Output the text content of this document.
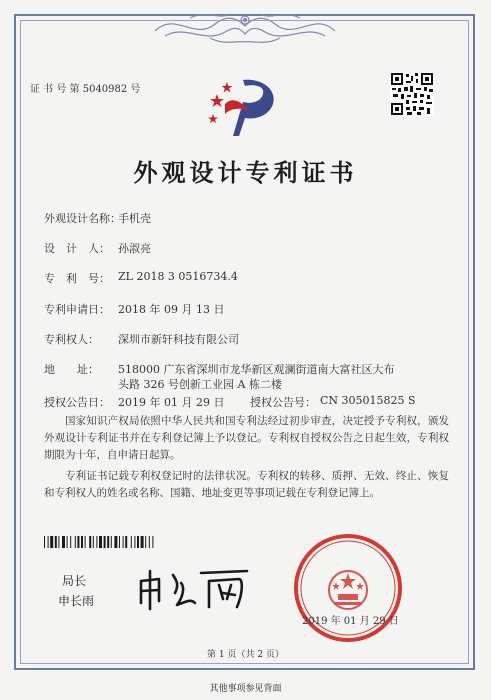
证 书 号 第 5040982 号
外观设计专利证书
外观设计名称：
手机壳
设　计　人： 孙淑亮
专　利　号： ZL 2018 3 0516734.4
专利申请日： 2018 年 09 月 13 日
专利权人： 深圳市新轩科技有限公司
地　　址： 518000 广东省深圳市龙华新区观澜街道南大富社区大布
头路 326 号创新工业园 A 栋二楼
授权公告日： 2019 年 01 月 29 日 授权公告号： CN 305015825 S
国家知识产权局依照中华人民共和国专利法经过初步审查，决定授予专利权，颁发外观设计专利证书并在专利登记簿上予以登记。专利权自授权公告之日起生效，专利权期限为十年，自申请日起算。
专利证书记载专利权登记时的法律状况。专利权的转移、质押、无效、终止、恢复和专利权人的姓名或名称、国籍、地址变更等事项记载在专利登记簿上。
局长
申长雨
2019 年 01 月 29 日
第 1 页（共 2 页）
其他事项参见背面
